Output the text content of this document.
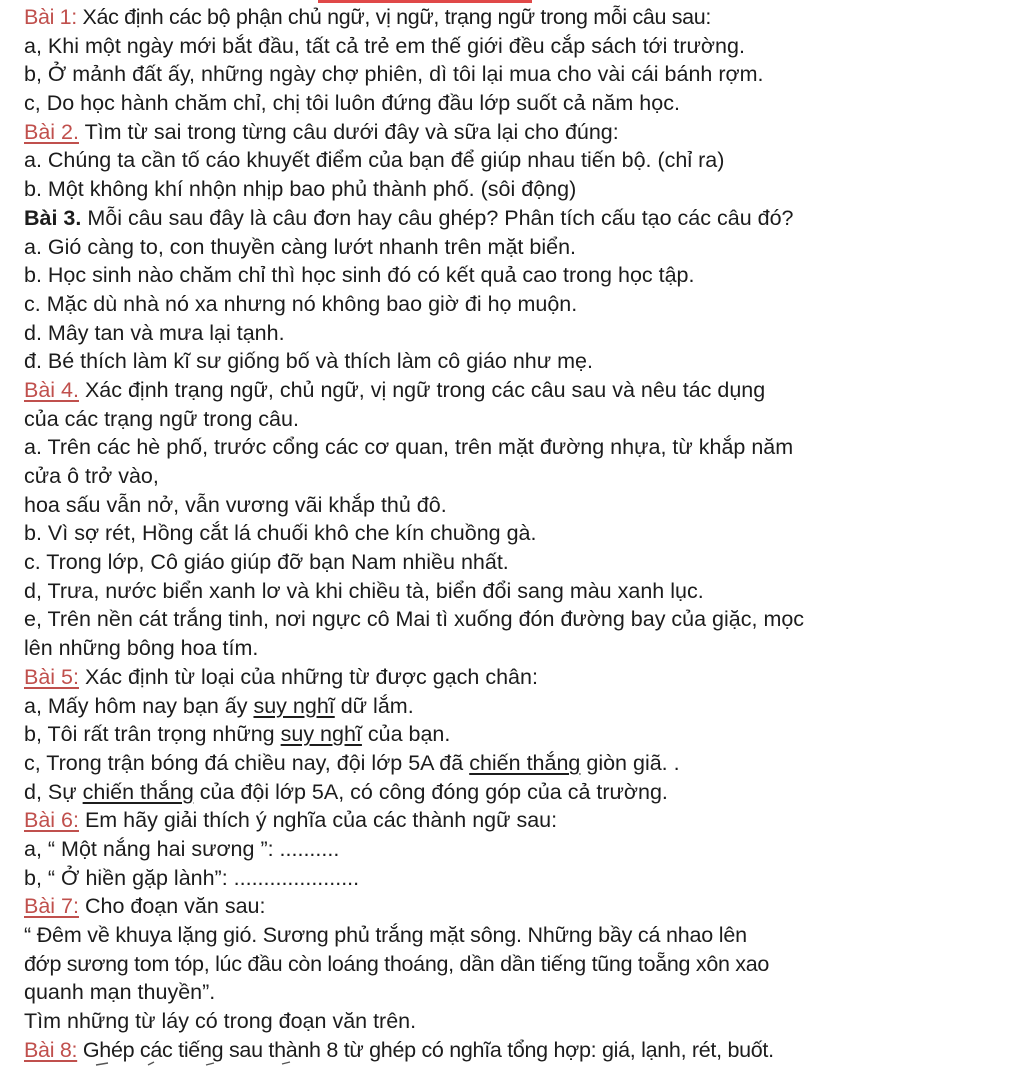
Bài 1: Xác định các bộ phận chủ ngữ, vị ngữ, trạng ngữ trong mỗi câu sau:
a, Khi một ngày mới bắt đầu, tất cả trẻ em thế giới đều cắp sách tới trường.
b, Ở mảnh đất ấy, những ngày chợ phiên, dì tôi lại mua cho vài cái bánh rợm.
c, Do học hành chăm chỉ, chị tôi luôn đứng đầu lớp suốt cả năm học.
Bài 2. Tìm từ sai trong từng câu dưới đây và sữa lại cho đúng:
a. Chúng ta cần tố cáo khuyết điểm của bạn để giúp nhau tiến bộ. (chỉ ra)
b. Một không khí nhộn nhịp bao phủ thành phố. (sôi động)
Bài 3. Mỗi câu sau đây là câu đơn hay câu ghép? Phân tích cấu tạo các câu đó?
a. Gió càng to, con thuyền càng lướt nhanh trên mặt biển.
b. Học sinh nào chăm chỉ thì học sinh đó có kết quả cao trong học tập.
c. Mặc dù nhà nó xa nhưng nó không bao giờ đi họ muộn.
d. Mây tan và mưa lại tạnh.
đ. Bé thích làm kĩ sư giống bố và thích làm cô giáo như mẹ.
Bài 4. Xác định trạng ngữ, chủ ngữ, vị ngữ trong các câu sau và nêu tác dụng
của các trạng ngữ trong câu.
a. Trên các hè phố, trước cổng các cơ quan, trên mặt đường nhựa, từ khắp năm
cửa ô trở vào,
hoa sấu vẫn nở, vẫn vương vãi khắp thủ đô.
b. Vì sợ rét, Hồng cắt lá chuối khô che kín chuồng gà.
c. Trong lớp, Cô giáo giúp đỡ bạn Nam nhiều nhất.
d, Trưa, nước biển xanh lơ và khi chiều tà, biển đổi sang màu xanh lục.
e, Trên nền cát trắng tinh, nơi ngực cô Mai tì xuống đón đường bay của giặc, mọc
lên những bông hoa tím.
Bài 5: Xác định từ loại của những từ được gạch chân:
a, Mấy hôm nay bạn ấy suy nghĩ dữ lắm.
b, Tôi rất trân trọng những suy nghĩ của bạn.
c, Trong trận bóng đá chiều nay, đội lớp 5A đã chiến thắng giòn giã. .
d, Sự chiến thắng của đội lớp 5A, có công đóng góp của cả trường.
Bài 6: Em hãy giải thích ý nghĩa của các thành ngữ sau:
a, “ Một nắng hai sương ”: ..........
b, “ Ở hiền gặp lành”: .....................
Bài 7: Cho đoạn văn sau:
“ Đêm về khuya lặng gió. Sương phủ trắng mặt sông. Những bầy cá nhao lên
đớp sương tom tóp, lúc đầu còn loáng thoáng, dần dần tiếng tũng toẵng xôn xao
quanh mạn thuyền”.
Tìm những từ láy có trong đoạn văn trên.
Bài 8: Ghép các tiếng sau thành 8 từ ghép có nghĩa tổng hợp: giá, lạnh, rét, buốt.
